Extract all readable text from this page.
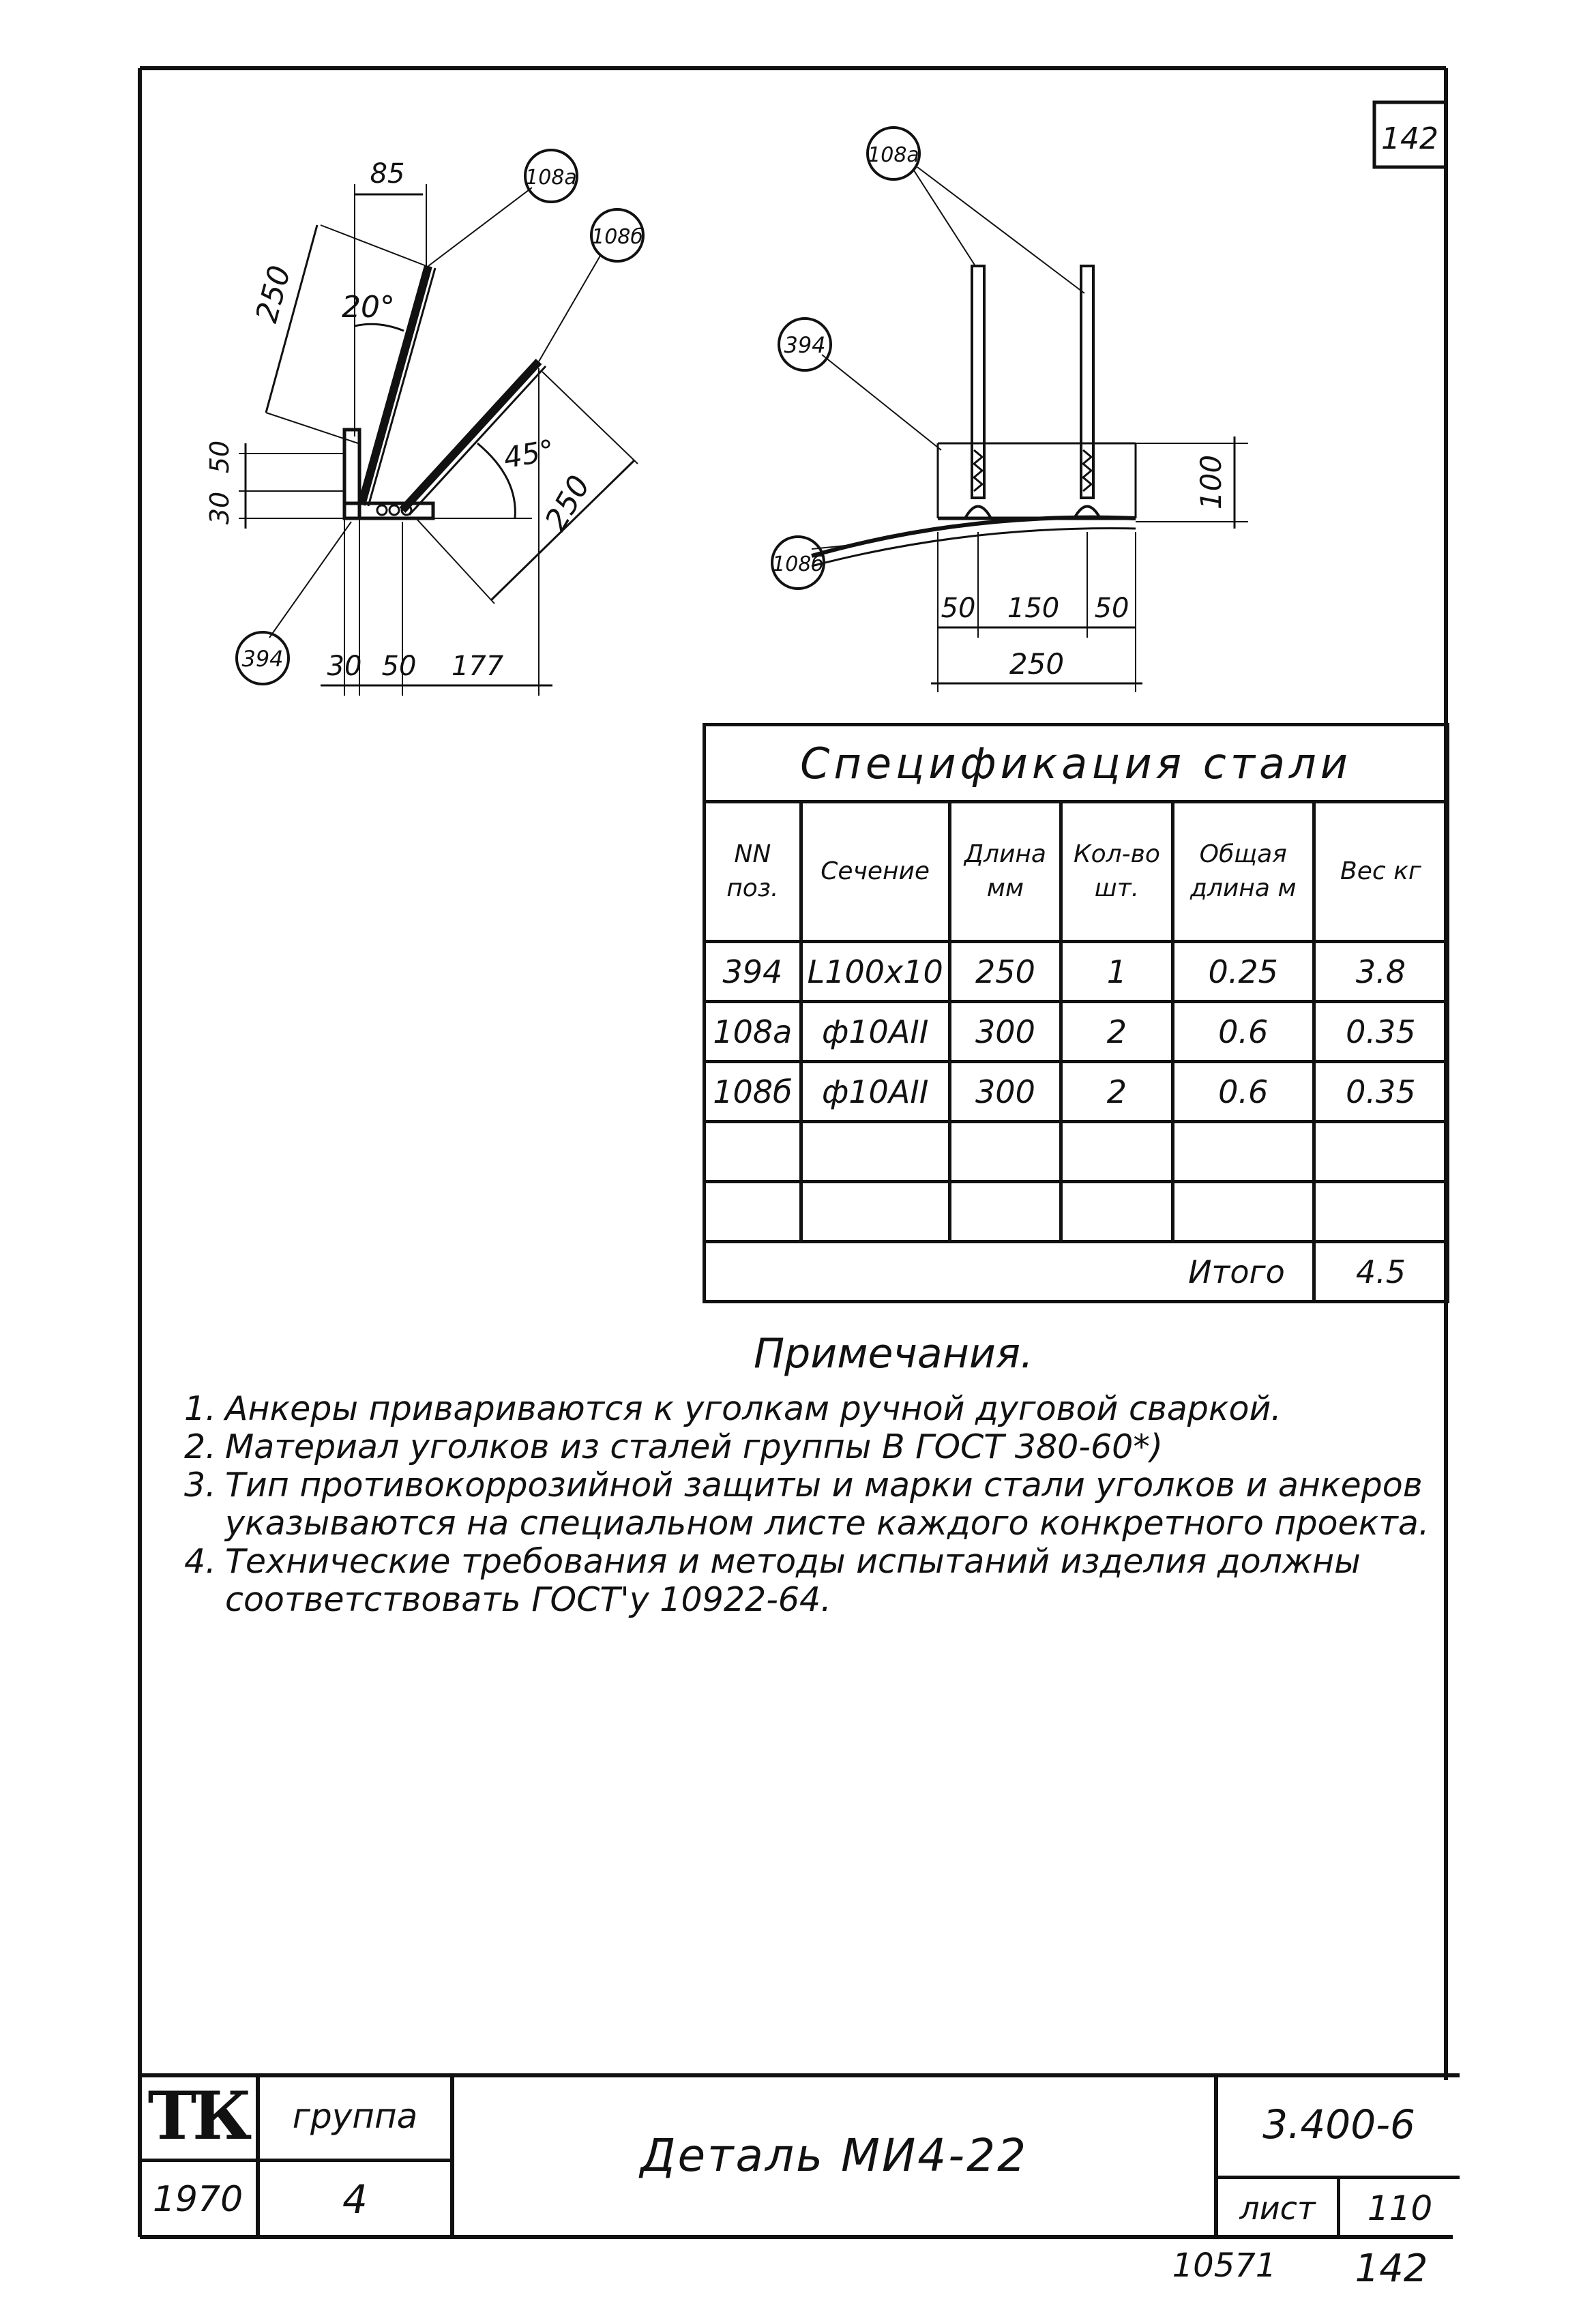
142
108а
108б
394
85
250 20°
45°
250
50
30
30 50 177
108а
394
108б
100
50 150 50
250
10571 142
Спецификация стали					
NN поз.	Сечение	Длина мм	Кол-во шт.	Общая длина м	Вес кг
394	L100x10	250	1	0.25	3.8
108а	ф10АII	300	2	0.6	0.35
108б	ф10АII	300	2	0.6	0.35

Итого					4.5
Примечания.
1. Анкеры привариваются к уголкам ручной дуговой сваркой.
2. Материал уголков из сталей группы В ГОСТ 380-60*)
3. Тип противокоррозийной защиты и марки стали уголков и анкеров указываются на специальном листе каждого конкретного проекта.
4. Технические требования и методы испытаний изделия должны соответствовать ГОСТ'у 10922-64.
ТК
1970
группа
4
Деталь МИ4-22
3.400-6
лист	110
